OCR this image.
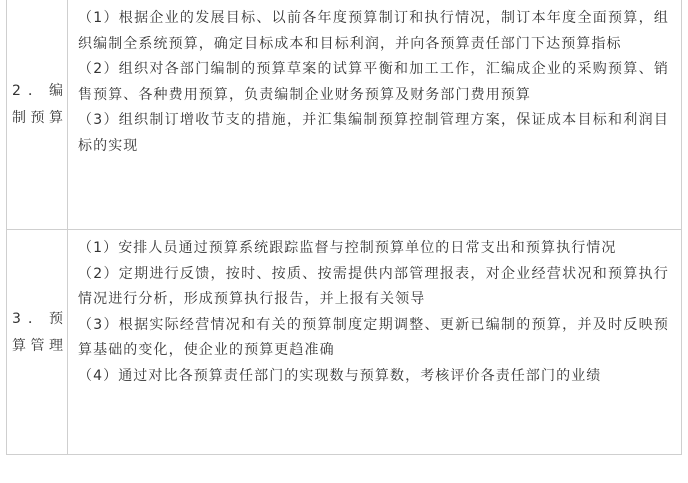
2．编制预算

（1）根据企业的发展目标、以前各年度预算制订和执行情况，制订本年度全面预算，组织编制全系统预算，确定目标成本和目标利润，并向各预算责任部门下达预算指标

（2）组织对各部门编制的预算草案的试算平衡和加工工作，汇编成企业的采购预算、销售预算、各种费用预算，负责编制企业财务预算及财务部门费用预算

（3）组织制订增收节支的措施，并汇集编制预算控制管理方案，保证成本目标和利润目标的实现

3．预算管理

（1）安排人员通过预算系统跟踪监督与控制预算单位的日常支出和预算执行情况

（2）定期进行反馈，按时、按质、按需提供内部管理报表，对企业经营状况和预算执行情况进行分析，形成预算执行报告，并上报有关领导

（3）根据实际经营情况和有关的预算制度定期调整、更新已编制的预算，并及时反映预算基础的变化，使企业的预算更趋准确

（4）通过对比各预算责任部门的实现数与预算数，考核评价各责任部门的业绩
